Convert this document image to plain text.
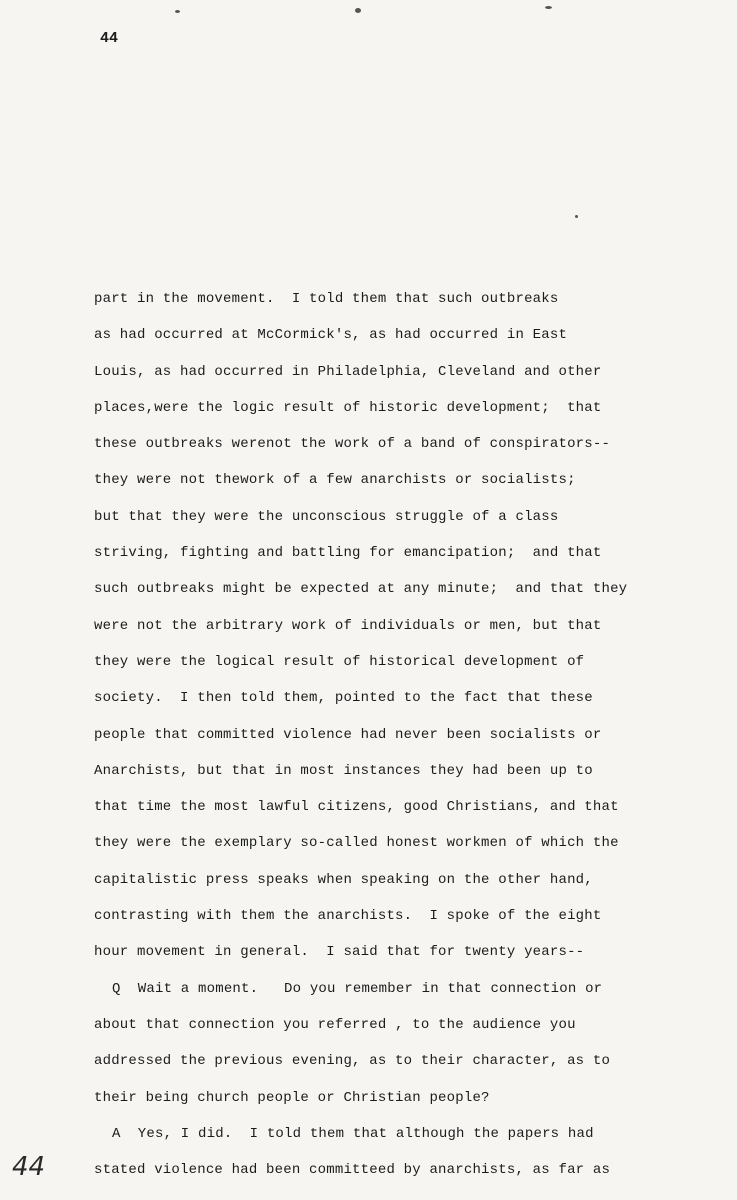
44
part in the movement.  I told them that such outbreaks
as had occurred at McCormick's, as had occurred in East
Louis, as had occurred in Philadelphia, Cleveland and other
places,were the logic result of historic development;  that
these outbreaks werenot the work of a band of conspirators--
they were not thework of a few anarchists or socialists;
but that they were the unconscious struggle of a class
striving, fighting and battling for emancipation;  and that
such outbreaks might be expected at any minute;  and that they
were not the arbitrary work of individuals or men, but that
they were the logical result of historical development of
society.  I then told them, pointed to the fact that these
people that committed violence had never been socialists or
Anarchists, but that in most instances they had been up to
that time the most lawful citizens, good Christians, and that
they were the exemplary so-called honest workmen of which the
capitalistic press speaks when speaking on the other hand,
contrasting with them the anarchists.  I spoke of the eight
hour movement in general.  I said that for twenty years--
Q  Wait a moment.   Do you remember in that connection or
about that connection you referred , to the audience you
addressed the previous evening, as to their character, as to
their being church people or Christian people?
A  Yes, I did.  I told them that although the papers had
stated violence had been committeed by anarchists, as far as
44
